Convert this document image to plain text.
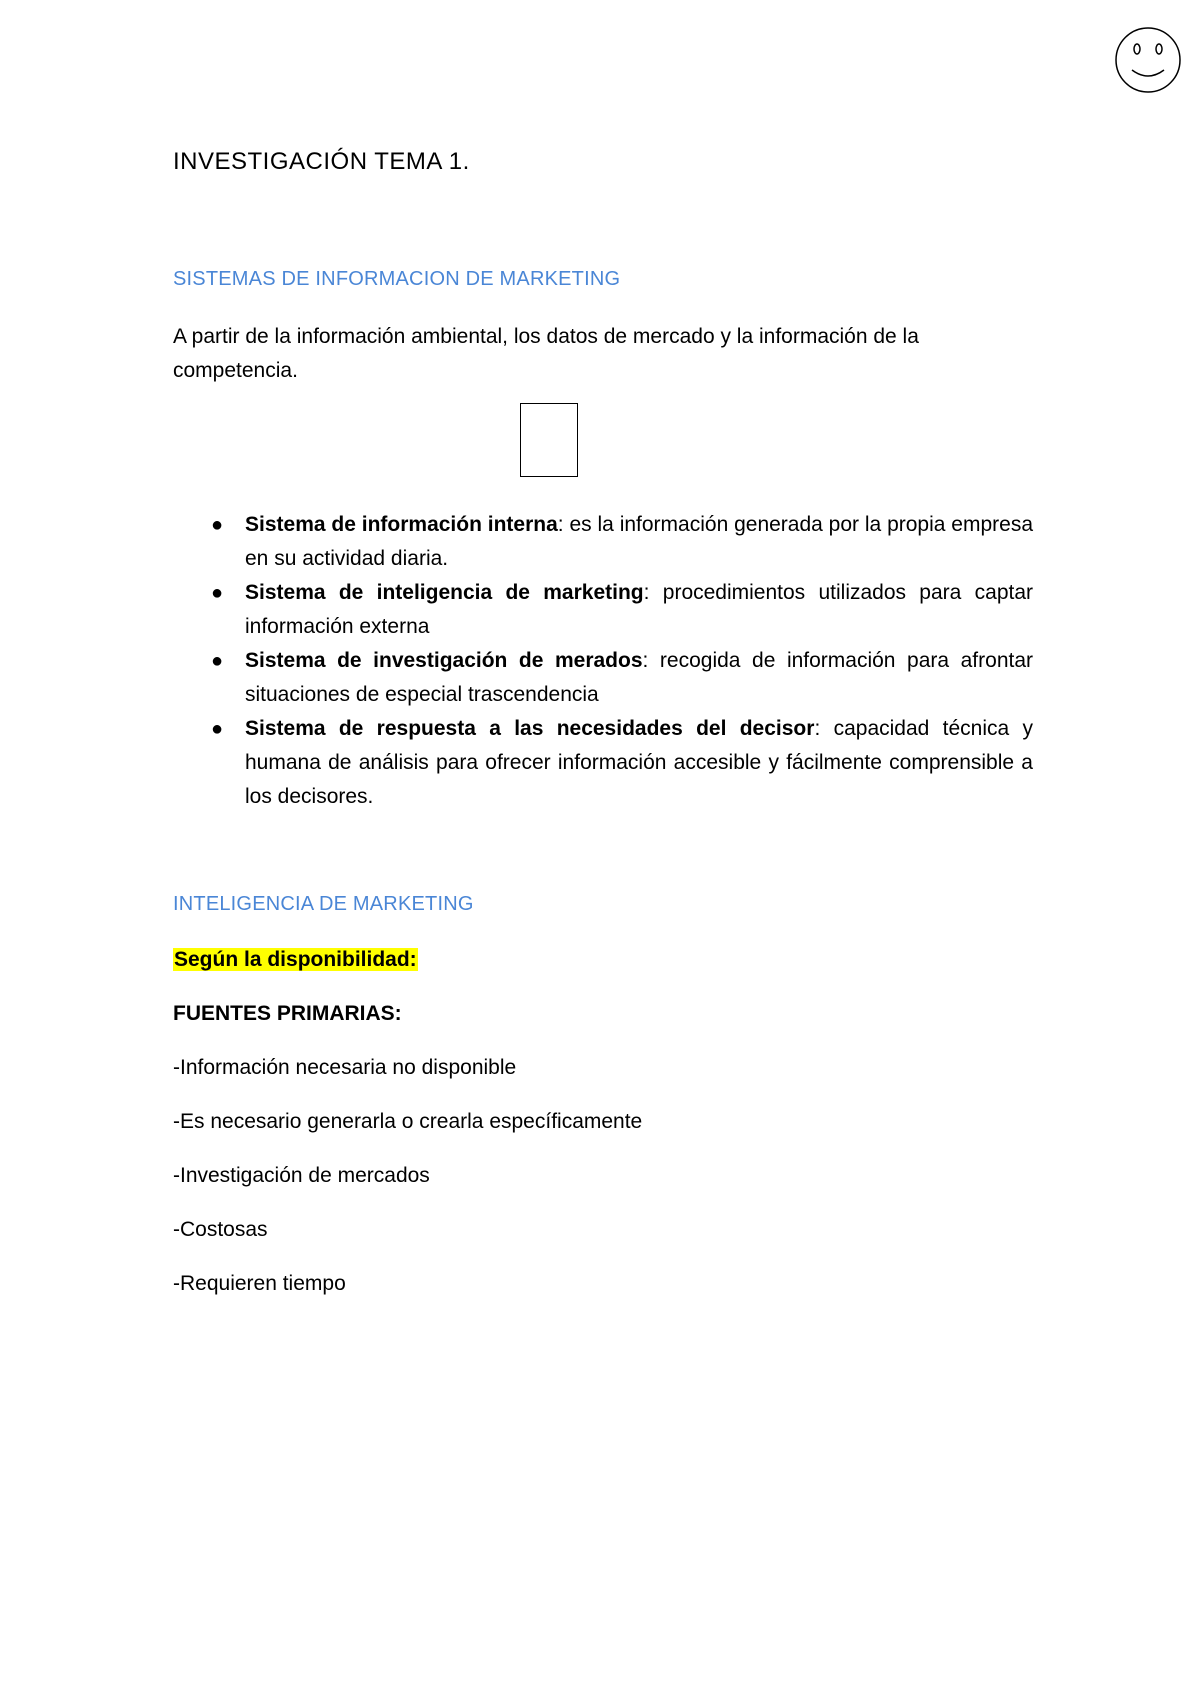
INVESTIGACIÓN TEMA 1.
SISTEMAS DE INFORMACION DE MARKETING

A partir de la información ambiental, los datos de mercado y la información de la competencia.

● Sistema de información interna: es la información generada por la propia empresa en su actividad diaria.
● Sistema de inteligencia de marketing: procedimientos utilizados para captar información externa
● Sistema de investigación de merados: recogida de información para afrontar situaciones de especial trascendencia
● Sistema de respuesta a las necesidades del decisor: capacidad técnica y humana de análisis para ofrecer información accesible y fácilmente comprensible a los decisores.
INTELIGENCIA DE MARKETING

Según la disponibilidad:

FUENTES PRIMARIAS:

-Información necesaria no disponible
-Es necesario generarla o crearla específicamente
-Investigación de mercados
-Costosas
-Requieren tiempo
